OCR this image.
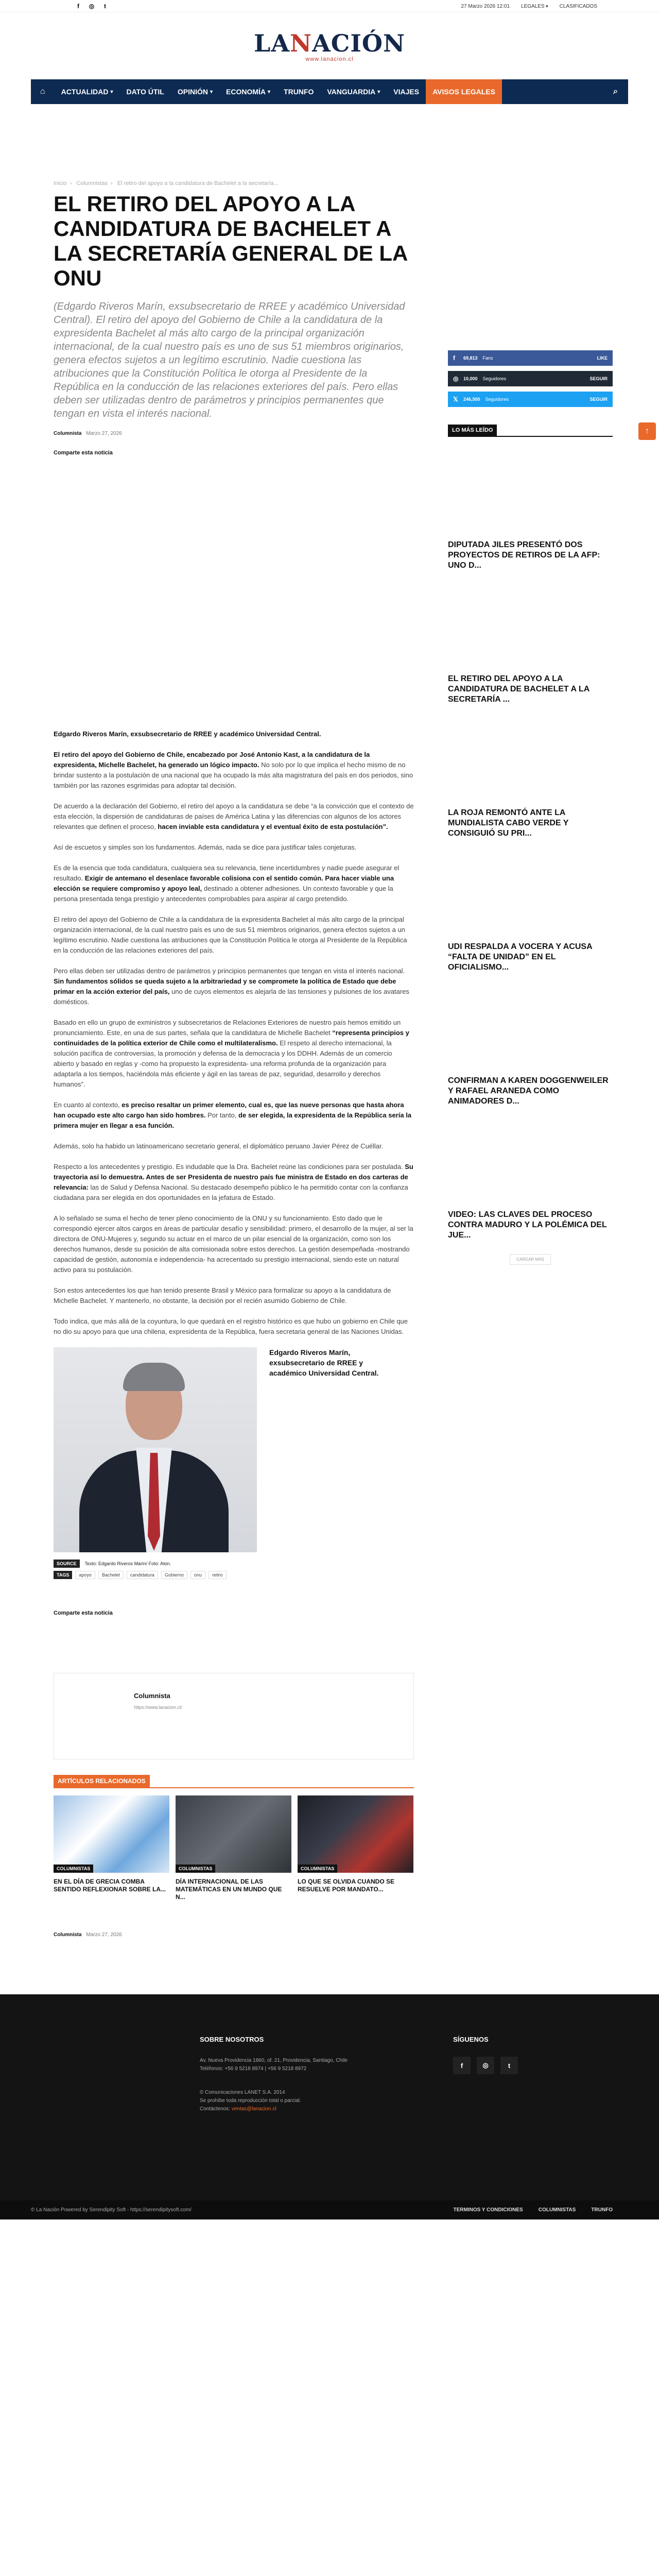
f	◎	t	27 Marzo 2026 12:01 LEGALES ▾	CLASIFICADOS
LANACIÓN
www.lanacion.cl
⌂	ACTUALIDAD ▾	DATO ÚTIL	OPINIÓN ▾	ECONOMÍA ▾	TRUNFO	VANGUARDIA ▾	VIAJES	AVISOS LEGALES	⌕
Inicio › Columnistas › El retiro del apoyo a la candidatura de Bachelet a la secretaría...
EL RETIRO DEL APOYO A LA CANDIDATURA DE BACHELET A LA SECRETARÍA GENERAL DE LA ONU

(Edgardo Riveros Marín, exsubsecretario de RREE y académico Universidad Central). El retiro del apoyo del Gobierno de Chile a la candidatura de la expresidenta Bachelet al más alto cargo de la principal organización internacional, de la cual nuestro país es uno de sus 51 miembros originarios, genera efectos sujetos a un legítimo escrutinio. Nadie cuestiona las atribuciones que la Constitución Política le otorga al Presidente de la República en la conducción de las relaciones exteriores del país. Pero ellas deben ser utilizadas dentro de parámetros y principios permanentes que tengan en vista el interés nacional.

Columnista Marzo 27, 2026
Comparte esta noticia

Edgardo Riveros Marín, exsubsecretario de RREE y académico Universidad Central.

El retiro del apoyo del Gobierno de Chile, encabezado por José Antonio Kast, a la candidatura de la expresidenta, Michelle Bachelet, ha generado un lógico impacto. No solo por lo que implica el hecho mismo de no brindar sustento a la postulación de una nacional que ha ocupado la más alta magistratura del país en dos periodos, sino también por las razones esgrimidas para adoptar tal decisión.

De acuerdo a la declaración del Gobierno, el retiro del apoyo a la candidatura se debe “a la convicción que el contexto de esta elección, la dispersión de candidaturas de países de América Latina y las diferencias con algunos de los actores relevantes que definen el proceso, hacen inviable esta candidatura y el eventual éxito de esta postulación”.

Así de escuetos y simples son los fundamentos. Además, nada se dice para justificar tales conjeturas.

Es de la esencia que toda candidatura, cualquiera sea su relevancia, tiene incertidumbres y nadie puede asegurar el resultado. Exigir de antemano el desenlace favorable colisiona con el sentido común. Para hacer viable una elección se requiere compromiso y apoyo leal, destinado a obtener adhesiones. Un contexto favorable y que la persona presentada tenga prestigio y antecedentes comprobables para aspirar al cargo pretendido.

El retiro del apoyo del Gobierno de Chile a la candidatura de la expresidenta Bachelet al más alto cargo de la principal organización internacional, de la cual nuestro país es uno de sus 51 miembros originarios, genera efectos sujetos a un legítimo escrutinio. Nadie cuestiona las atribuciones que la Constitución Política le otorga al Presidente de la República en la conducción de las relaciones exteriores del país.

Pero ellas deben ser utilizadas dentro de parámetros y principios permanentes que tengan en vista el interés nacional. Sin fundamentos sólidos se queda sujeto a la arbitrariedad y se compromete la política de Estado que debe primar en la acción exterior del país, uno de cuyos elementos es alejarla de las tensiones y pulsiones de los avatares domésticos.

Basado en ello un grupo de exministros y subsecretarios de Relaciones Exteriores de nuestro país hemos emitido un pronunciamiento. Este, en una de sus partes, señala que la candidatura de Michelle Bachelet “representa principios y continuidades de la política exterior de Chile como el multilateralismo. El respeto al derecho internacional, la solución pacífica de controversias, la promoción y defensa de la democracia y los DDHH. Además de un comercio abierto y basado en reglas y -como ha propuesto la expresidenta- una reforma profunda de la organización para adaptarla a los tiempos, haciéndola más eficiente y ágil en las tareas de paz, seguridad, desarrollo y derechos humanos”.

En cuanto al contexto, es preciso resaltar un primer elemento, cual es, que las nueve personas que hasta ahora han ocupado este alto cargo han sido hombres. Por tanto, de ser elegida, la expresidenta de la República sería la primera mujer en llegar a esa función.

Además, solo ha habido un latinoamericano secretario general, el diplomático peruano Javier Pérez de Cuéllar.

Respecto a los antecedentes y prestigio. Es indudable que la Dra. Bachelet reúne las condiciones para ser postulada. Su trayectoria así lo demuestra. Antes de ser Presidenta de nuestro país fue ministra de Estado en dos carteras de relevancia: las de Salud y Defensa Nacional. Su destacado desempeño público le ha permitido contar con la confianza ciudadana para ser elegida en dos oportunidades en la jefatura de Estado.

A lo señalado se suma el hecho de tener pleno conocimiento de la ONU y su funcionamiento. Esto dado que le correspondió ejercer altos cargos en áreas de particular desafío y sensibilidad: primero, el desarrollo de la mujer, al ser la directora de ONU-Mujeres y, segundo su actuar en el marco de un pilar esencial de la organización, como son los derechos humanos, desde su posición de alta comisionada sobre estos derechos. La gestión desempeñada -mostrando capacidad de gestión, autonomía e independencia- ha acrecentado su prestigio internacional, siendo este un natural activo para su postulación.

Son estos antecedentes los que han tenido presente Brasil y México para formalizar su apoyo a la candidatura de Michelle Bachelet. Y mantenerlo, no obstante, la decisión por el recién asumido Gobierno de Chile.

Todo indica, que más allá de la coyuntura, lo que quedará en el registro histórico es que hubo un gobierno en Chile que no dio su apoyo para que una chilena, expresidenta de la República, fuera secretaria general de las Naciones Unidas.

Edgardo Riveros Marín, exsubsecretario de RREE y académico Universidad Central.
SOURCE	Texto: Edgardo Riveros Marín/ Foto: Aton.
TAGS	apoyo	Bachelet	candidatura	Gobierno	onu	retiro
Comparte esta noticia
Columnista
https://www.lanacion.cl/
ARTÍCULOS RELACIONADOS
COLUMNISTAS
EN EL DÍA DE GRECIA COMBA SENTIDO REFLEXIONAR SOBRE LA...
COLUMNISTAS
DÍA INTERNACIONAL DE LAS MATEMÁTICAS EN UN MUNDO QUE N...
COLUMNISTAS
LO QUE SE OLVIDA CUANDO SE RESUELVE POR MANDATO...
Columnista Marzo 27, 2026
f	69,813 Fans	LIKE
◎	10,000 Seguidores	SEGUIR
𝕏	246,500 Seguidores	SEGUIR
LO MÁS LEÍDO
DIPUTADA JILES PRESENTÓ DOS PROYECTOS DE RETIROS DE LA AFP: UNO D...
EL RETIRO DEL APOYO A LA CANDIDATURA DE BACHELET A LA SECRETARÍA ...
LA ROJA REMONTÓ ANTE LA MUNDIALISTA CABO VERDE Y CONSIGUIÓ SU PRI...
UDI RESPALDA A VOCERA Y ACUSA “FALTA DE UNIDAD” EN EL OFICIALISMO...
CONFIRMAN A KAREN DOGGENWEILER Y RAFAEL ARANEDA COMO ANIMADORES D...
VIDEO: LAS CLAVES DEL PROCESO CONTRA MADURO Y LA POLÉMICA DEL JUE...
CARGAR MÁS
↑
SOBRE NOSOTROS

Av. Nueva Providencia 1860, of. 21, Providencia, Santiago, Chile

Teléfonos: +56 9 5218 8974 | +56 9 5218 8972

© Comunicaciones LANET S.A. 2014

Se prohíbe toda reproducción total o parcial.

Contáctenos: ventas@lanacion.cl

SÍGUENOS
f	◎	t
© La Nación Powered by Serendipity Soft - https://serendipitysoft.com/	TERMINOS Y CONDICIONES	COLUMNISTAS	TRUNFO
